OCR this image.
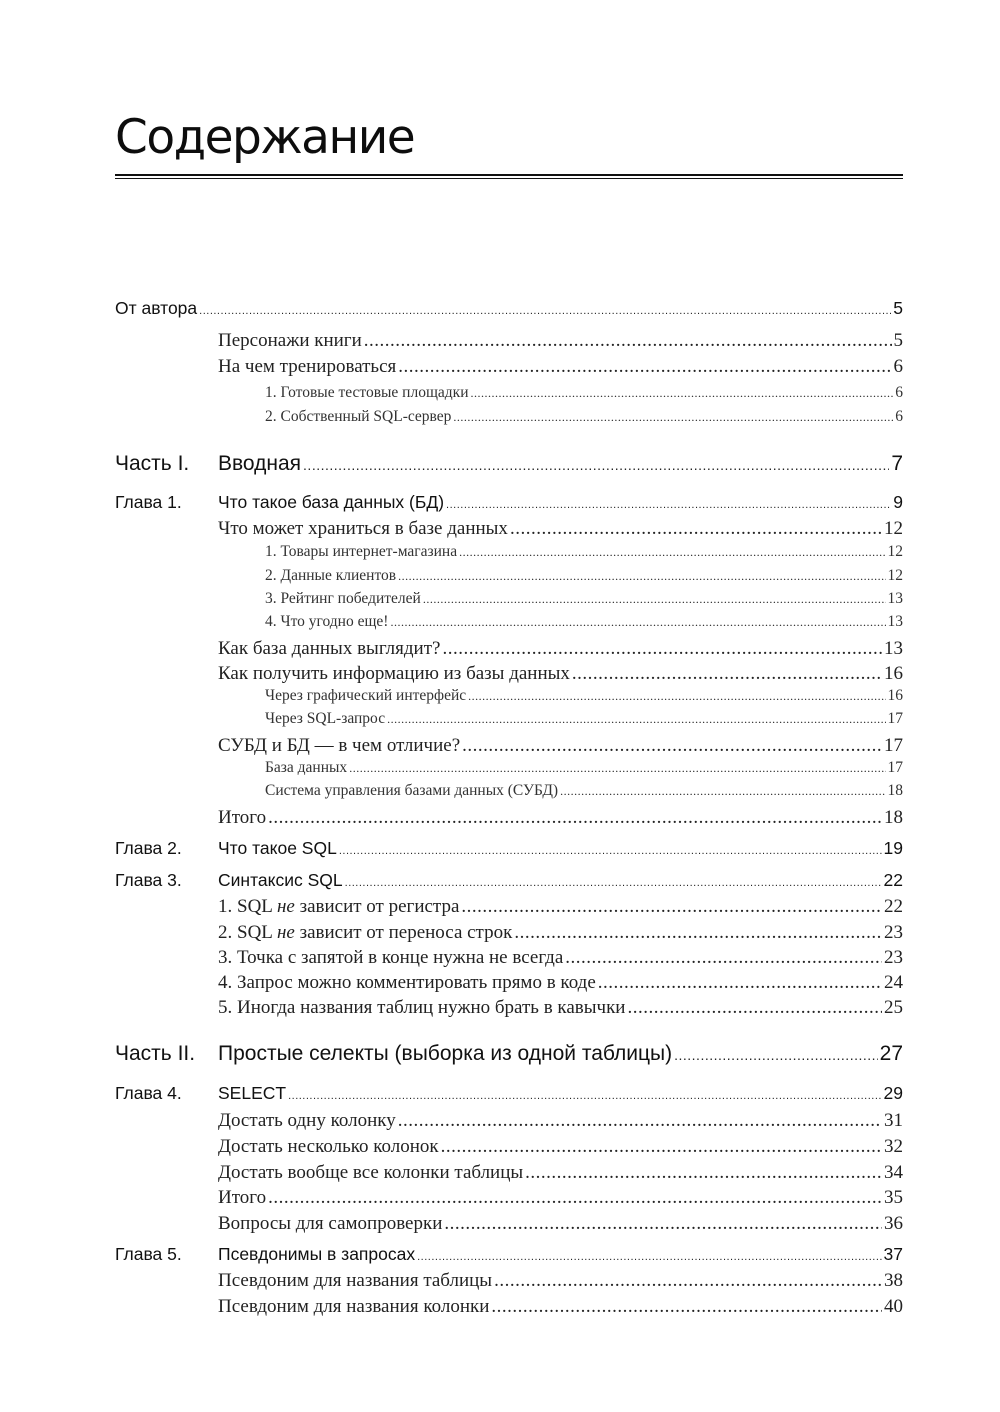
Содержание
От автора .....	5
Персонажи книги .....	5
На чем тренироваться .....	6
1. Готовые тестовые площадки .....	6
2. Собственный SQL-сервер .....	6
Часть I.	Вводная .....	7
Глава 1.	Что такое база данных (БД) .....	9
Что может храниться в базе данных .....	12
1. Товары интернет-магазина .....	12
2. Данные клиентов .....	12
3. Рейтинг победителей .....	13
4. Что угодно еще! .....	13
Как база данных выглядит? .....	13
Как получить информацию из базы данных .....	16
Через графический интерфейс .....	16
Через SQL-запрос .....	17
СУБД и БД — в чем отличие? .....	17
База данных .....	17
Система управления базами данных (СУБД) .....	18
Итого .....	18
Глава 2.	Что такое SQL .....	19
Глава 3.	Синтаксис SQL .....	22
1. SQL не зависит от регистра .....	22
2. SQL не зависит от переноса строк .....	23
3. Точка с запятой в конце нужна не всегда .....	23
4. Запрос можно комментировать прямо в коде .....	24
5. Иногда названия таблиц нужно брать в кавычки .....	25
Часть II.	Простые селекты (выборка из одной таблицы) .....	27
Глава 4.	SELECT .....	29
Достать одну колонку .....	31
Достать несколько колонок .....	32
Достать вообще все колонки таблицы .....	34
Итого .....	35
Вопросы для самопроверки .....	36
Глава 5.	Псевдонимы в запросах .....	37
Псевдоним для названия таблицы .....	38
Псевдоним для названия колонки .....	40
